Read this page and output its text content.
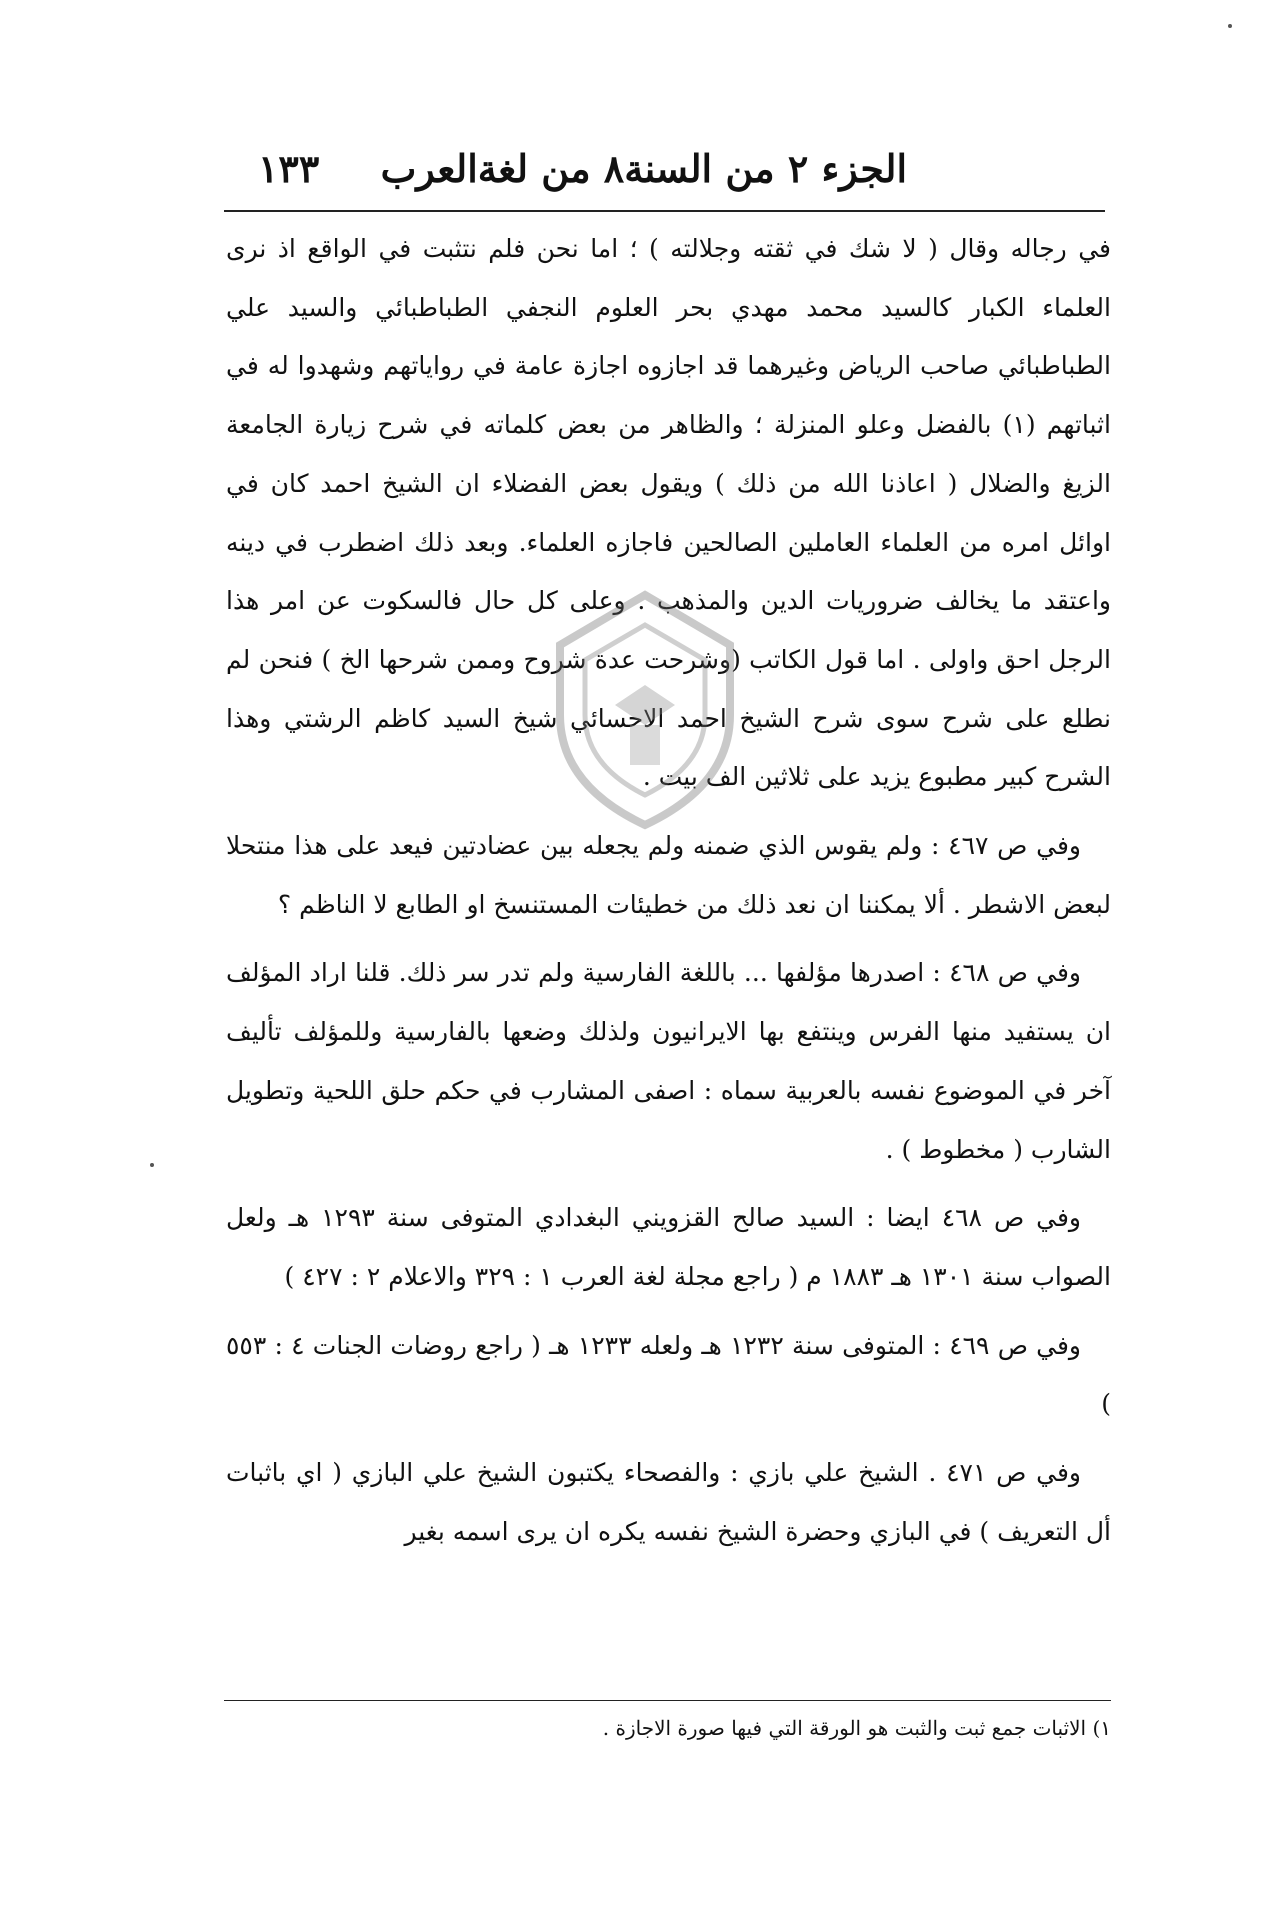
الجزء ٢ من السنة٨ من لغةالعرب
١٣٣

في رجاله وقال ( لا شك في ثقته وجلالته ) ؛ اما نحن فلم نتثبت في الواقع اذ نرى العلماء الكبار كالسيد محمد مهدي بحر العلوم النجفي الطباطبائي والسيد علي الطباطبائي صاحب الرياض وغيرهما قد اجازوه اجازة عامة في رواياتهم وشهدوا له في اثباتهم (١) بالفضل وعلو المنزلة ؛ والظاهر من بعض كلماته في شرح زيارة الجامعة الزيغ والضلال ( اعاذنا الله من ذلك ) ويقول بعض الفضلاء ان الشيخ احمد كان في اوائل امره من العلماء العاملين الصالحين فاجازه العلماء. وبعد ذلك اضطرب في دينه واعتقد ما يخالف ضروريات الدين والمذهب . وعلى كل حال فالسكوت عن امر هذا الرجل احق واولى . اما قول الكاتب (وشرحت عدة شروح وممن شرحها الخ ) فنحن لم نطلع على شرح سوى شرح الشيخ احمد الاحسائي شيخ السيد كاظم الرشتي وهذا الشرح كبير مطبوع يزيد على ثلاثين الف بيت .

وفي ص ٤٦٧ : ولم يقوس الذي ضمنه ولم يجعله بين عضادتين فيعد على هذا منتحلا لبعض الاشطر . ألا يمكننا ان نعد ذلك من خطيئات المستنسخ او الطابع لا الناظم ؟

وفي ص ٤٦٨ : اصدرها مؤلفها ... باللغة الفارسية ولم تدر سر ذلك. قلنا اراد المؤلف ان يستفيد منها الفرس وينتفع بها الايرانيون ولذلك وضعها بالفارسية وللمؤلف تأليف آخر في الموضوع نفسه بالعربية سماه : اصفى المشارب في حكم حلق اللحية وتطويل الشارب ( مخطوط ) .

وفي ص ٤٦٨ ايضا : السيد صالح القزويني البغدادي المتوفى سنة ١٢٩٣ هـ ولعل الصواب سنة ١٣٠١ هـ ١٨٨٣ م ( راجع مجلة لغة العرب ١ : ٣٢٩ والاعلام ٢ : ٤٢٧ )

وفي ص ٤٦٩ : المتوفى سنة ١٢٣٢ هـ ولعله ١٢٣٣ هـ ( راجع روضات الجنات ٤ : ٥٥٣ )

وفي ص ٤٧١ . الشيخ علي بازي : والفصحاء يكتبون الشيخ علي البازي ( اي باثبات أل التعريف ) في البازي وحضرة الشيخ نفسه يكره ان يرى اسمه بغير

١) الاثبات جمع ثبت والثبت هو الورقة التي فيها صورة الاجازة .
